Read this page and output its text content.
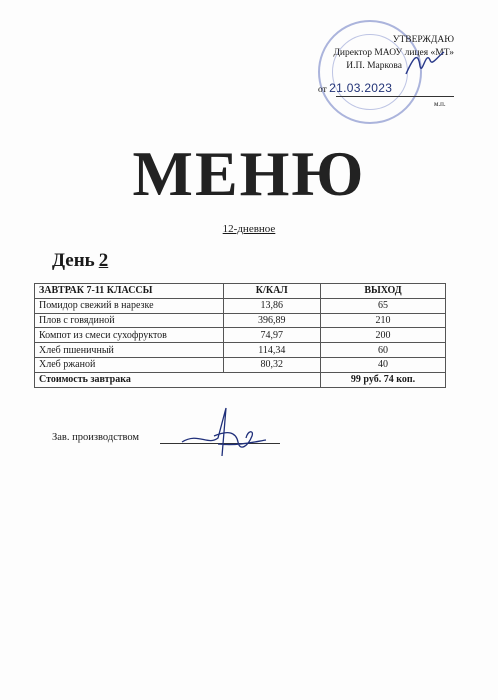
УТВЕРЖДАЮ
Директор МАОУ лицея «МТ»
И.П. Маркова
от 21.03.2023
м.п.
МЕНЮ
12-дневное
День 2
ЗАВТРАК 7-11 КЛАССЫ	К/КАЛ	ВЫХОД
Помидор свежий в нарезке	13,86	65
Плов с говядиной	396,89	210
Компот из смеси сухофруктов	74,97	200
Хлеб пшеничный	114,34	60
Хлеб ржаной	80,32	40
Стоимость завтрака		99 руб. 74 коп.
Зав. производством
